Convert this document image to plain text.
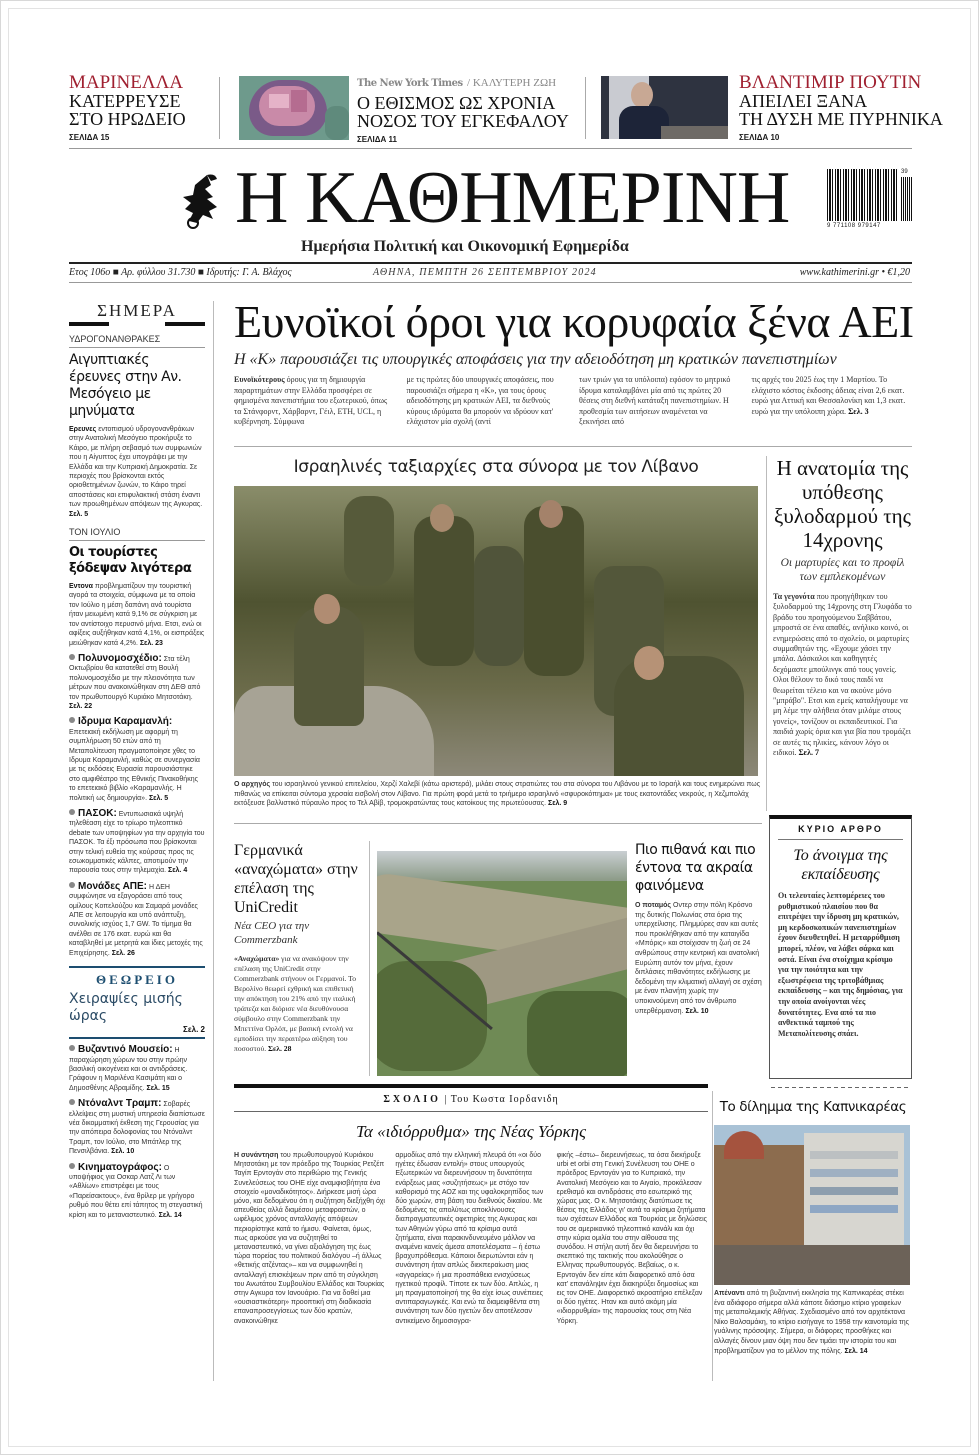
ΜΑΡΙΝΕΛΛΑ
ΚΑΤΕΡΡΕΥΣΕ
ΣΤΟ ΗΡΩΔΕΙΟ
ΣΕΛΙΔΑ 15
The New York Times / ΚΑΛΥΤΕΡΗ ΖΩΗ
Ο ΕΘΙΣΜΟΣ ΩΣ ΧΡΟΝΙΑ
ΝΟΣΟΣ ΤΟΥ ΕΓΚΕΦΑΛΟΥ
ΣΕΛΙΔΑ 11
ΒΛΑΝΤΙΜΙΡ ΠΟΥΤΙΝ
ΑΠΕΙΛΕΙ ΞΑΝΑ
ΤΗ ΔΥΣΗ ΜΕ ΠΥΡΗΝΙΚΑ
ΣΕΛΙΔΑ 10
Η ΚΑΘΗΜΕΡΙΝΗ	39
9 771108 979147
Ημερήσια Πολιτική και Οικονομική Εφημερίδα
Ετος 106ο ■ Αρ. φύλλου 31.730 ■ Ιδρυτής: Γ. Α. Βλάχος	ΑΘΗΝΑ, ΠΕΜΠΤΗ 26 ΣΕΠΤΕΜΒΡΙΟΥ 2024	www.kathimerini.gr • €1,20
ΣΗΜΕΡΑ
ΥΔΡΟΓΟΝΑΝΘΡΑΚΕΣ
Αιγυπτιακές έρευνες στην Αν. Μεσόγειο με μηνύματα
Ερευνες εντοπισμού υδρογονανθράκων στην Ανατολική Μεσόγειο προκήρυξε το Κάιρο, με πλήρη σεβασμό των συμφωνιών που η Αίγυπτος έχει υπογράψει με την Ελλάδα και την Κυπριακή Δημοκρατία. Σε περιοχές που βρίσκονται εκτός οριοθετημένων ζωνών, το Κάιρο τηρεί αποστάσεις και επιφυλακτική στάση έναντι των προωθημένων απόψεων της Αγκυρας. Σελ. 5
ΤΟΝ ΙΟΥΛΙΟ
Οι τουρίστες ξόδεψαν λιγότερα
Εντονα προβληματίζουν την τουριστική αγορά τα στοιχεία, σύμφωνα με τα οποία τον Ιούλιο η μέση δαπάνη ανά τουρίστα ήταν μειωμένη κατά 9,1% σε σύγκριση με τον αντίστοιχο περυσινό μήνα. Ετσι, ενώ οι αφίξεις αυξήθηκαν κατά 4,1%, οι εισπράξεις μειώθηκαν κατά 4,2%. Σελ. 23
Πολυνομοσχέδιο: Στα τέλη Οκτωβρίου θα κατατεθεί στη Βουλή πολυνομοσχέδιο με την πλειονότητα των μέτρων που ανακοινώθηκαν στη ΔΕΘ από τον πρωθυπουργό Κυριάκο Μητσοτάκη. Σελ. 22
Ιδρυμα Καραμανλή: Επετειακή εκδήλωση με αφορμή τη συμπλήρωση 50 ετών από τη Μεταπολίτευση πραγματοποίησε χθες το Ιδρυμα Καραμανλή, καθώς σε συνεργασία με τις εκδόσεις Ευρασία παρουσιάστηκε στο αμφιθέατρο της Εθνικής Πινακοθήκης το επετειακό βιβλίο «Καραμανλής. Η πολιτική ως δημιουργία». Σελ. 5
ΠΑΣΟΚ: Εντυπωσιακά υψηλή τηλεθέαση είχε το τρίωρο τηλεοπτικό debate των υποψηφίων για την αρχηγία του ΠΑΣΟΚ. Τα έξι πρόσωπα που βρίσκονται στην τελική ευθεία της κούρσας προς τις εσωκομματικές κάλπες, αποτιμούν την παρουσία τους στην τηλεμαχία. Σελ. 4
Μονάδες ΑΠΕ: Η ΔΕΗ συμφώνησε να εξαγοράσει από τους ομίλους Κοπελούζου και Σαμαρά μονάδες ΑΠΕ σε λειτουργία και υπό ανάπτυξη, συνολικής ισχύος 1,7 GW. Το τίμημα θα ανέλθει σε 176 εκατ. ευρώ και θα καταβληθεί με μετρητά και ίδιες μετοχές της Επιχείρησης. Σελ. 26
ΘΕΩΡΕΙΟ
Χειραψίες μισής ώρας
Σελ. 2
Βυζαντινό Μουσείο: Η παραχώρηση χώρων του στην πρώην βασιλική οικογένεια και οι αντιδράσεις. Γράφουν η Μαριλένα Κασιμάτη και ο Δημοσθένης Αβραμίδης. Σελ. 15
Ντόναλντ Τραμπ: Σοβαρές ελλείψεις στη μυστική υπηρεσία διαπίστωσε νέα δικομματική έκθεση της Γερουσίας για την απόπειρα δολοφονίας του Ντόναλντ Τραμπ, τον Ιούλιο, στο Μπάτλερ της Πενσιλβάνια. Σελ. 10
Κινηματογράφος: Ο υποψήφιος για Οσκαρ Λατζ Λι των «Αθλίων» επιστρέφει με τους «Παρείσακτους», ένα θρίλερ με γρήγορο ρυθμό που θέτει επί τάπητος τη στεγαστική κρίση και το μεταναστευτικό. Σελ. 14
Ευνοϊκοί όροι για κορυφαία ξένα ΑΕΙ
Η «Κ» παρουσιάζει τις υπουργικές αποφάσεις για την αδειοδότηση μη κρατικών πανεπιστημίων
Ευνοϊκότερους όρους για τη δημιουργία παραρτημάτων στην Ελλάδα προσφέρει σε φημισμένα πανεπιστήμια του εξωτερικού, όπως τα Στάνφορντ, Χάρβαρντ, Γέιλ, ΕΤΗ, UCL, η κυβέρνηση. Σύμφωνα
με τις πρώτες δύο υπουργικές αποφάσεις, που παρουσιάζει σήμερα η «Κ», για τους όρους αδειοδότησης μη κρατικών ΑΕΙ, τα διεθνούς κύρους ιδρύματα θα μπορούν να ιδρύουν κατ' ελάχιστον μία σχολή (αντί
των τριών για τα υπόλοιπα) εφόσον το μητρικό ίδρυμα καταλαμβάνει μία από τις πρώτες 20 θέσεις στη διεθνή κατάταξη πανεπιστημίων. Η προθεσμία των αιτήσεων αναμένεται να ξεκινήσει από
τις αρχές του 2025 έως την 1 Μαρτίου. Το ελάχιστο κόστος έκδοσης άδειας είναι 2,6 εκατ. ευρώ για Αττική και Θεσσαλονίκη και 1,3 εκατ. ευρώ για την υπόλοιπη χώρα. Σελ. 3
Ισραηλινές ταξιαρχίες στα σύνορα με τον Λίβανο
Ο αρχηγός του ισραηλινού γενικού επιτελείου, Χερζί Χαλεβί (κάτω αριστερά), μιλάει στους στρατιώτες του στα σύνορα του Λιβάνου με το Ισραήλ και τους ενημερώνει πως πιθανώς να επίκειται σύντομα χερσαία εισβολή στον Λίβανο. Για πρώτη φορά μετά το τριήμερο ισραηλινό «σφυροκόπημα» με τους εκατοντάδες νεκρούς, η Χεζμπολάχ εκτόξευσε βαλλιστικό πύραυλο προς το Τελ Αβίβ, τρομοκρατώντας τους κατοίκους της πρωτεύουσας. Σελ. 9
Η ανατομία της υπόθεσης ξυλοδαρμού της 14χρονης
Οι μαρτυρίες και το προφίλ των εμπλεκομένων
Τα γεγονότα που προηγήθηκαν του ξυλοδαρμού της 14χρονης στη Γλυφάδα το βράδυ του προηγούμενου Σαββάτου, μπροστά σε ένα απαθές, ανήλικο κοινό, οι ενημερώσεις από το σχολείο, οι μαρτυρίες συμμαθητών της. «Εχουμε χάσει την μπάλα. Δάσκαλοι και καθηγητές δεχόμαστε μπούλινγκ από τους γονείς. Ολοι θέλουν το δικό τους παιδί να θεωρείται τέλειο και να ακούνε μόνο "μπράβο". Ετσι και εμείς καταλήγουμε να μη λέμε την αλήθεια όταν μιλάμε στους γονείς», τονίζουν οι εκπαιδευτικοί. Για παιδιά χωρίς όρια και για βία που τρομάζει σε αυτές τις ηλικίες, κάνουν λόγο οι ειδικοί. Σελ. 7
ΚΥΡΙΟ ΑΡΘΡΟ
Το άνοιγμα της εκπαίδευσης
Οι τελευταίες λεπτομέρειες του ρυθμιστικού πλαισίου που θα επιτρέψει την ίδρυση μη κρατικών, μη κερδοσκοπικών πανεπιστημίων έχουν διευθετηθεί. Η μεταρρύθμιση μπορεί, πλέον, να λάβει σάρκα και οστά. Είναι ένα στοίχημα κρίσιμο για την ποιότητα και την εξωστρέφεια της τριτοβάθμιας εκπαίδευσης – και της δημόσιας, για την οποία ανοίγονται νέες δυνατότητες. Ενα από τα πιο ανθεκτικά ταμπού της Μεταπολίτευσης σπάει.
Γερμανικά «αναχώματα» στην επέλαση της UniCredit
Νέα CEO για την Commerzbank
«Αναχώματα» για να ανακόψουν την επέλαση της UniCredit στην Commerzbank στήνουν οι Γερμανοί. Το Βερολίνο θεωρεί εχθρική και επιθετική την απόκτηση του 21% από την ιταλική τράπεζα και διόρισε νέα διευθύνουσα σύμβουλο στην Commerzbank την Μπεττίνα Ορλόπ, με βασική εντολή να εμποδίσει την περαιτέρω αύξηση του ποσοστού. Σελ. 28
Πιο πιθανά και πιο έντονα τα ακραία φαινόμενα
Ο ποταμός Οντερ στην πόλη Κρόσνο της δυτικής Πολωνίας στα όρια της υπερχείλισης. Πλημμύρες σαν και αυτές που προκλήθηκαν από την καταιγίδα «Μπόρις» και στοίχισαν τη ζωή σε 24 ανθρώπους στην κεντρική και ανατολική Ευρώπη αυτόν τον μήνα, έχουν διπλάσιες πιθανότητες εκδήλωσης με δεδομένη την κλιματική αλλαγή σε σχέση με έναν πλανήτη χωρίς την υποκινούμενη από τον άνθρωπο υπερθέρμανση. Σελ. 10
ΣΧΟΛΙΟ | Του Κωστα Ιορδανιδη
Τα «ιδιόρρυθμα» της Νέας Υόρκης
Η συνάντηση του πρωθυπουργού Κυριάκου Μητσοτάκη με τον πρόεδρο της Τουρκίας Ρετζέπ Ταγίπ Ερντογάν στο περιθώριο της Γενικής Συνελεύσεως του ΟΗΕ είχε αναμφισβήτητα ένα στοιχείο «μοναδικότητος». Διήρκεσε μισή ώρα μόνο, και δεδομένου ότι η συζήτηση διεξήχθη όχι απευθείας αλλά διαμέσου μεταφραστών, ο ωφέλιμος χρόνος ανταλλαγής απόψεων περιορίστηκε κατά το ήμισυ. Φαίνεται, όμως, πως αρκούσε για να συζητηθεί το μεταναστευτικό, να γίνει αξιολόγηση της έως τώρα πορείας του πολιτικού διαλόγου –ή άλλως «θετικής ατζέντας»– και να συμφωνηθεί η ανταλλαγή επισκέψεων πριν από τη σύγκληση του Ανωτάτου Συμβουλίου Ελλάδος και Τουρκίας στην Αγκυρα τον Ιανουάριο. Για να δοθεί μια «ουσιαστικότερη» προοπτική στη διαδικασία επαναπροσεγγίσεως των δύο κρατών, ανακοινώθηκε
αρμοδίως από την ελληνική πλευρά ότι «οι δύο ηγέτες έδωσαν εντολή» στους υπουργούς Εξωτερικών να διερευνήσουν τη δυνατότητα ενάρξεως μιας «συζητήσεως» με στόχο τον καθορισμό της ΑΟΖ και της υφαλοκρηπίδος των δύο χωρών, στη βάση του διεθνούς δικαίου. Με δεδομένες τις απολύτως αποκλίνουσες διαπραγματευτικές αφετηρίες της Αγκυρας και των Αθηνών γύρω από τα κρίσιμα αυτά ζητήματα, είναι παρακινδυνευμένο μάλλον να αναμένει κανείς άμεσα αποτελέσματα – ή έστω βραχυπρόθεσμα. Κάποιοι διερωτώνται εάν η συνάντηση ήταν απλώς διεκπεραίωση μιας «αγγαρείας» ή μια προσπάθεια ενισχύσεως ηγετικού προφίλ. Τίποτε εκ των δύο. Απλώς, η μη πραγματοποίησή της θα είχε ίσως συνέπειες αντιπαραγωγικές. Και ενώ τα διαμειφθέντα στη συνάντηση των δύο ηγετών δεν αποτέλεσαν αντικείμενο δημοσιογρα-
φικής –έστω– διερευνήσεως, τα όσα διεκήρυξε urbi et orbi στη Γενική Συνέλευση του ΟΗΕ ο πρόεδρος Ερντογάν για το Κυπριακό, την Ανατολική Μεσόγειο και το Αιγαίο, προκάλεσαν ερεθισμό και αντιδράσεις στο εσωτερικό της χώρας μας. Ο κ. Μητσοτάκης διατύπωσε τις θέσεις της Ελλάδος γι' αυτά τα κρίσιμα ζητήματα των σχέσεων Ελλάδος και Τουρκίας με δηλώσεις του σε αμερικανικό τηλεοπτικό κανάλι και όχι στην κύρια ομιλία του στην αίθουσα της συνόδου. Η στήλη αυτή δεν θα διερευνήσει το σκεπτικό της τακτικής που ακολούθησε ο Ελληνας πρωθυπουργός. Βεβαίως, ο κ. Ερντογάν δεν είπε κάτι διαφορετικό από όσα κατ' επανάληψιν έχει διακηρύξει δημοσίως και εις τον ΟΗΕ. Διαφορετικό ακροατήριο επέλεξαν οι δύο ηγέτες. Ηταν και αυτό ακόμη μία «ιδιορρυθμία» της παρουσίας τους στη Νέα Υόρκη.
Το δίλημμα της Καπνικαρέας
Απέναντι από τη βυζαντινή εκκλησία της Καπνικαρέας στέκει ένα αδιάφορο σήμερα αλλά κάποτε διάσημο κτίριο γραφείων της μεταπολεμικής Αθήνας. Σχεδιασμένο από τον αρχιτέκτονα Νίκο Βαλσαμάκη, το κτίριο εισήγαγε το 1958 την καινοτομία της γυάλινης πρόσοψης. Σήμερα, οι διάφορες προσθήκες και αλλαγές δίνουν μιαν όψη που δεν τιμάει την ιστορία του και προβληματίζουν για το μέλλον της πόλης. Σελ. 14
